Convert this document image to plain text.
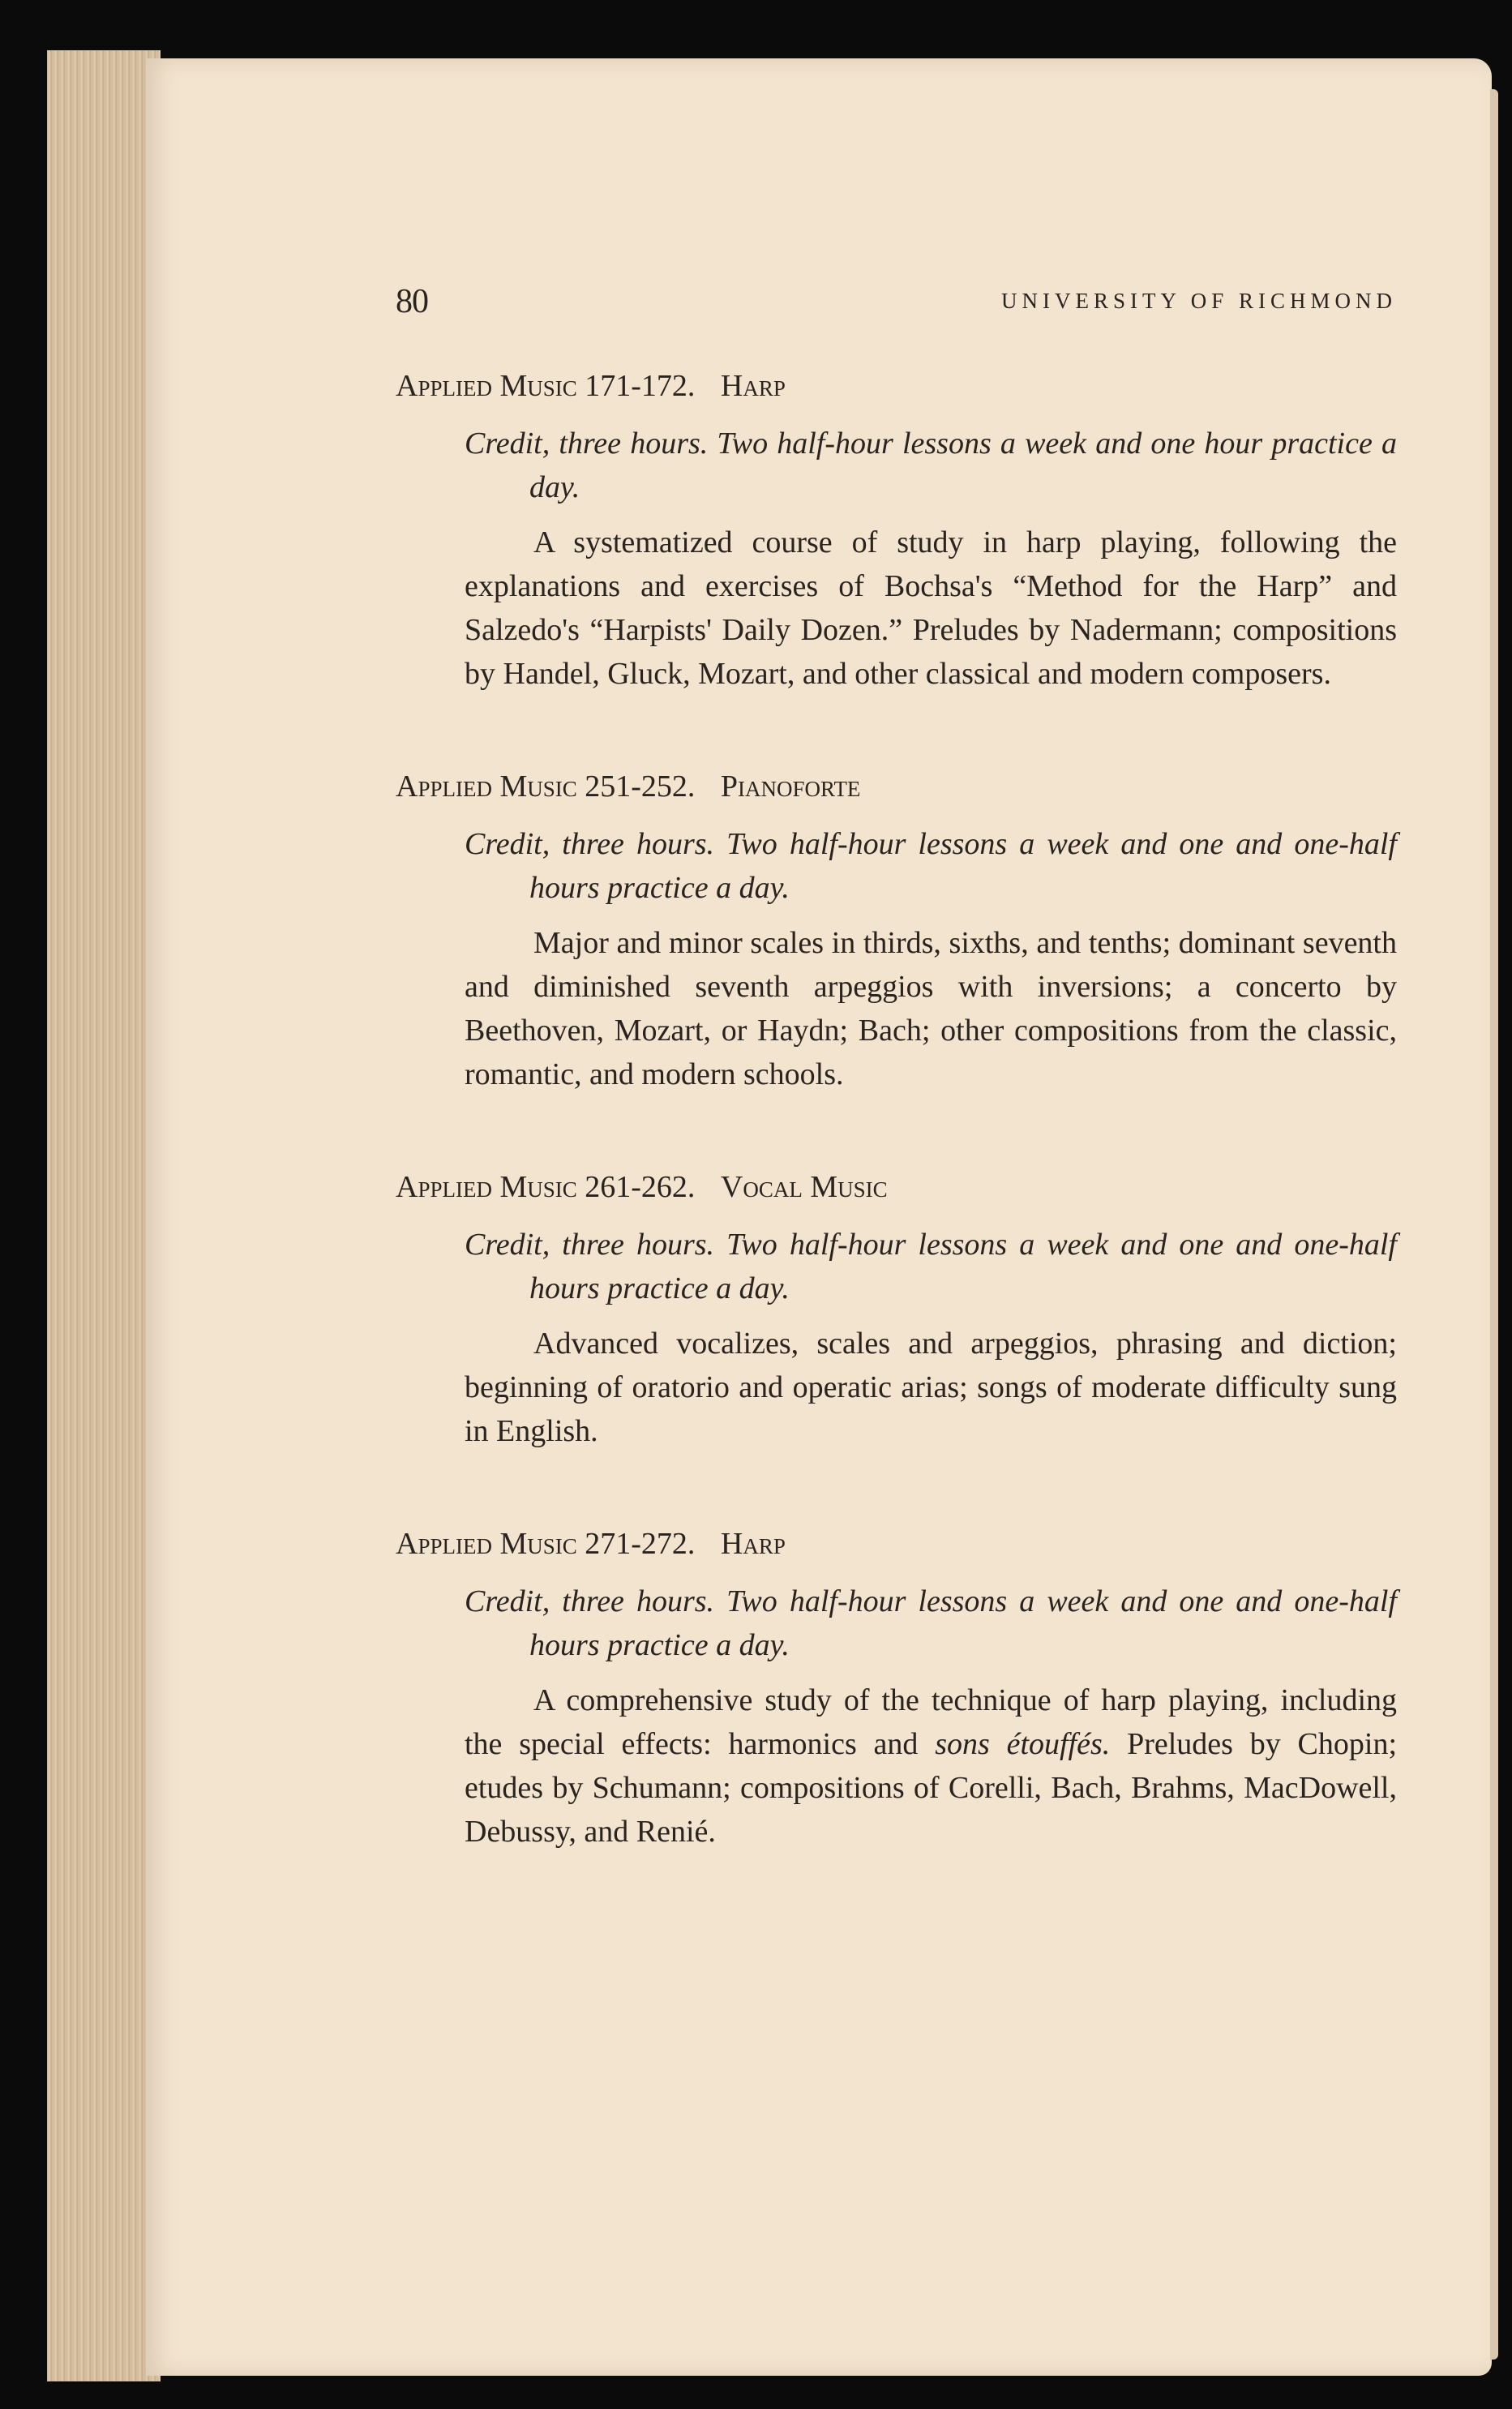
80	UNIVERSITY OF RICHMOND
Applied Music 171-172. Harp
Credit, three hours. Two half-hour lessons a week and one hour practice a day.
A systematized course of study in harp playing, following the explanations and exercises of Bochsa's “Method for the Harp” and Salzedo's “Harpists' Daily Dozen.” Preludes by Nadermann; compositions by Handel, Gluck, Mozart, and other classical and modern composers.
Applied Music 251-252. Pianoforte
Credit, three hours. Two half-hour lessons a week and one and one-half hours practice a day.
Major and minor scales in thirds, sixths, and tenths; dominant seventh and diminished seventh arpeggios with inversions; a concerto by Beethoven, Mozart, or Haydn; Bach; other compositions from the classic, romantic, and modern schools.
Applied Music 261-262. Vocal Music
Credit, three hours. Two half-hour lessons a week and one and one-half hours practice a day.
Advanced vocalizes, scales and arpeggios, phrasing and diction; beginning of oratorio and operatic arias; songs of moderate difficulty sung in English.
Applied Music 271-272. Harp
Credit, three hours. Two half-hour lessons a week and one and one-half hours practice a day.
A comprehensive study of the technique of harp playing, including the special effects: harmonics and sons étouffés. Preludes by Chopin; etudes by Schumann; compositions of Corelli, Bach, Brahms, MacDowell, Debussy, and Renié.
